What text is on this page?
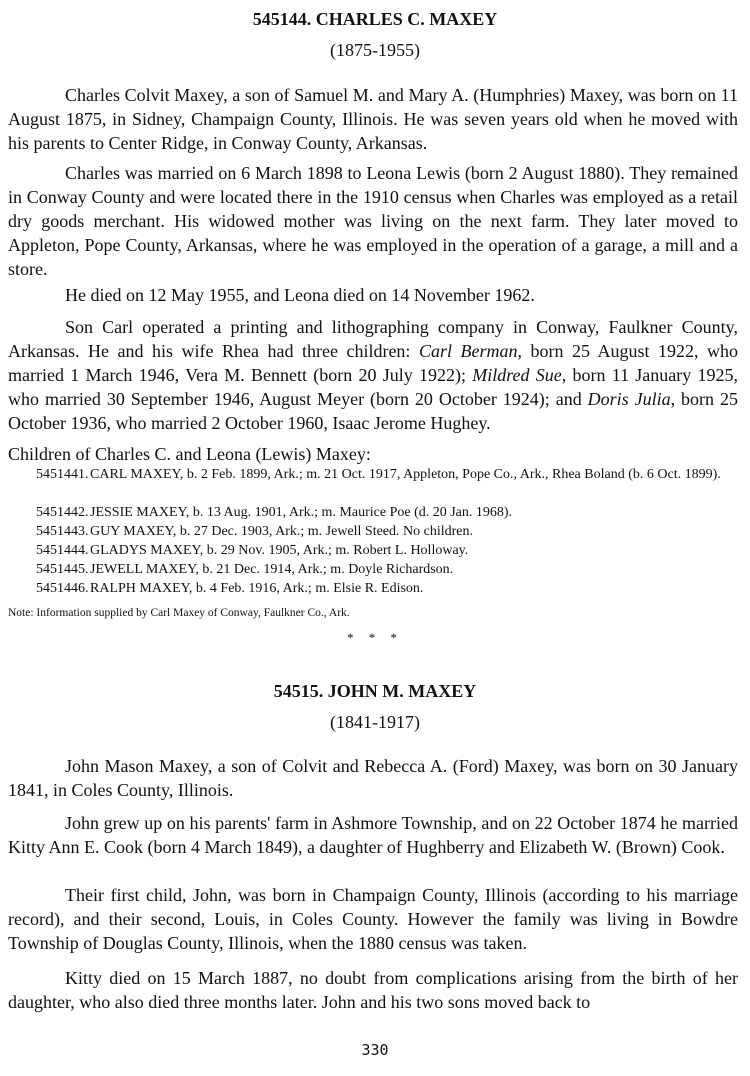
545144. CHARLES C. MAXEY
(1875-1955)

Charles Colvit Maxey, a son of Samuel M. and Mary A. (Humphries) Maxey, was born on 11 August 1875, in Sidney, Champaign County, Illinois. He was seven years old when he moved with his parents to Center Ridge, in Conway County, Arkansas.

Charles was married on 6 March 1898 to Leona Lewis (born 2 August 1880). They remained in Conway County and were located there in the 1910 census when Charles was employed as a retail dry goods merchant. His widowed mother was living on the next farm. They later moved to Appleton, Pope County, Arkansas, where he was employed in the operation of a garage, a mill and a store.

He died on 12 May 1955, and Leona died on 14 November 1962.

Son Carl operated a printing and lithographing company in Conway, Faulkner County, Arkansas. He and his wife Rhea had three children: Carl Berman, born 25 August 1922, who married 1 March 1946, Vera M. Bennett (born 20 July 1922); Mildred Sue, born 11 January 1925, who married 30 September 1946, August Meyer (born 20 October 1924); and Doris Julia, born 25 October 1936, who married 2 October 1960, Isaac Jerome Hughey.

Children of Charles C. and Leona (Lewis) Maxey:
5451441. CARL MAXEY, b. 2 Feb. 1899, Ark.; m. 21 Oct. 1917, Appleton, Pope Co., Ark., Rhea Boland (b. 6 Oct. 1899).
5451442. JESSIE MAXEY, b. 13 Aug. 1901, Ark.; m. Maurice Poe (d. 20 Jan. 1968).
5451443. GUY MAXEY, b. 27 Dec. 1903, Ark.; m. Jewell Steed. No children.
5451444. GLADYS MAXEY, b. 29 Nov. 1905, Ark.; m. Robert L. Holloway.
5451445. JEWELL MAXEY, b. 21 Dec. 1914, Ark.; m. Doyle Richardson.
5451446. RALPH MAXEY, b. 4 Feb. 1916, Ark.; m. Elsie R. Edison.
Note: Information supplied by Carl Maxey of Conway, Faulkner Co., Ark.
* * *
54515. JOHN M. MAXEY
(1841-1917)

John Mason Maxey, a son of Colvit and Rebecca A. (Ford) Maxey, was born on 30 January 1841, in Coles County, Illinois.

John grew up on his parents' farm in Ashmore Township, and on 22 October 1874 he married Kitty Ann E. Cook (born 4 March 1849), a daughter of Hughberry and Elizabeth W. (Brown) Cook.

Their first child, John, was born in Champaign County, Illinois (according to his marriage record), and their second, Louis, in Coles County. However the family was living in Bowdre Township of Douglas County, Illinois, when the 1880 census was taken.

Kitty died on 15 March 1887, no doubt from complications arising from the birth of her daughter, who also died three months later. John and his two sons moved back to

330
